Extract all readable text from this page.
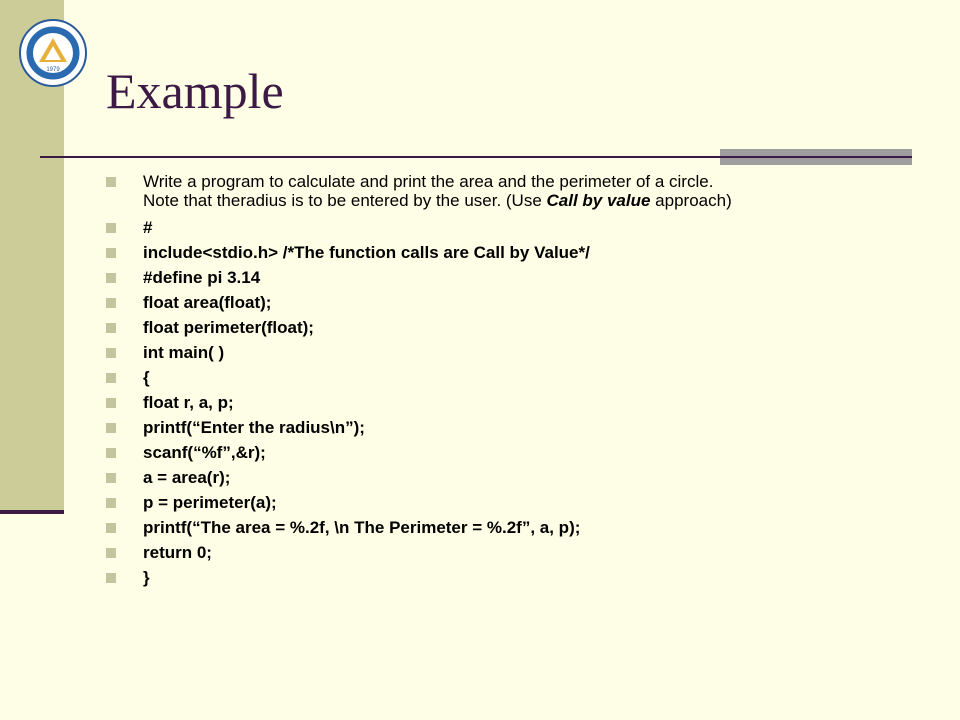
1979 Example
Write a program to calculate and print the area and the perimeter of a circle.
Note that theradius is to be entered by the user. (Use Call by value approach)
#
include<stdio.h> /*The function calls are Call by Value*/
#define pi 3.14
float area(float);
float perimeter(float);
int main( )
{
float r, a, p;
printf(“Enter the radius\n”);
scanf(“%f”,&r);
a = area(r);
p = perimeter(a);
printf(“The area = %.2f, \n The Perimeter = %.2f”, a, p);
return 0;
}
